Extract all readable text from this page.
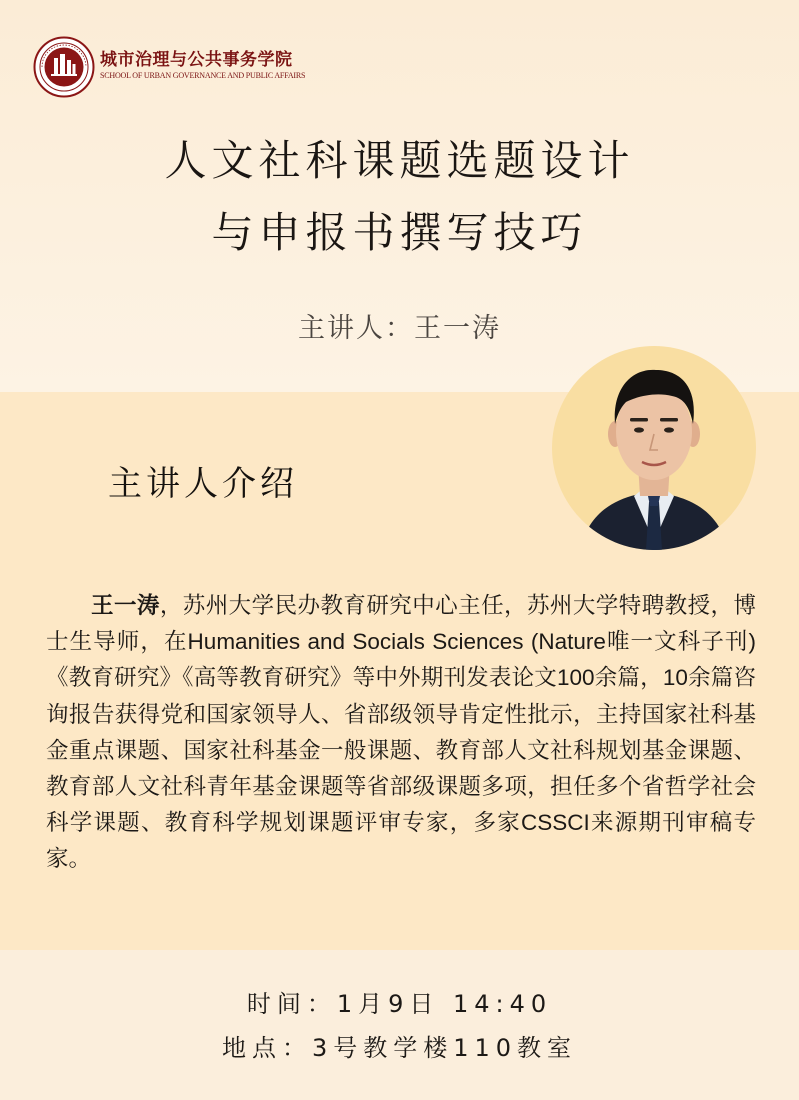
城市治理与公共事务学院
SCHOOL OF URBAN GOVERNANCE AND PUBLIC AFFAIRS
人文社科课题选题设计
与申报书撰写技巧
主讲人：王一涛
主讲人介绍

王一涛，苏州大学民办教育研究中心主任，苏州大学特聘教授，博士生导师，在Humanities and Socials Sciences (Nature唯一文科子刊)《教育研究》《高等教育研究》等中外期刊发表论文100余篇，10余篇咨询报告获得党和国家领导人、省部级领导肯定性批示，主持国家社科基金重点课题、国家社科基金一般课题、教育部人文社科规划基金课题、教育部人文社科青年基金课题等省部级课题多项，担任多个省哲学社会科学课题、教育科学规划课题评审专家，多家CSSCI来源期刊审稿专家。

时间：1月9日 14:40
地点：3号教学楼110教室
